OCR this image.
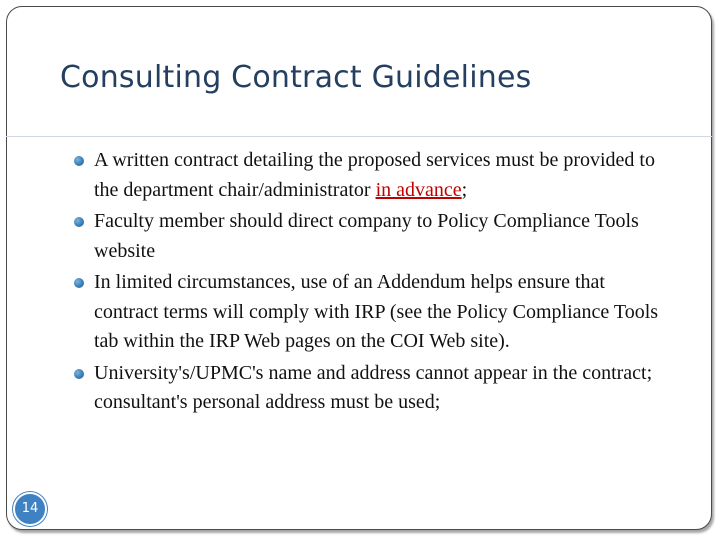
Consulting Contract Guidelines
A written contract detailing the proposed services must be provided to the department chair/administrator in advance;
Faculty member should direct company to Policy Compliance Tools website
In limited circumstances, use of an Addendum helps ensure that contract terms will comply with IRP (see the Policy Compliance Tools tab within the IRP Web pages on the COI Web site).
University's/UPMC's name and address cannot appear in the contract; consultant's personal address must be used;
14
